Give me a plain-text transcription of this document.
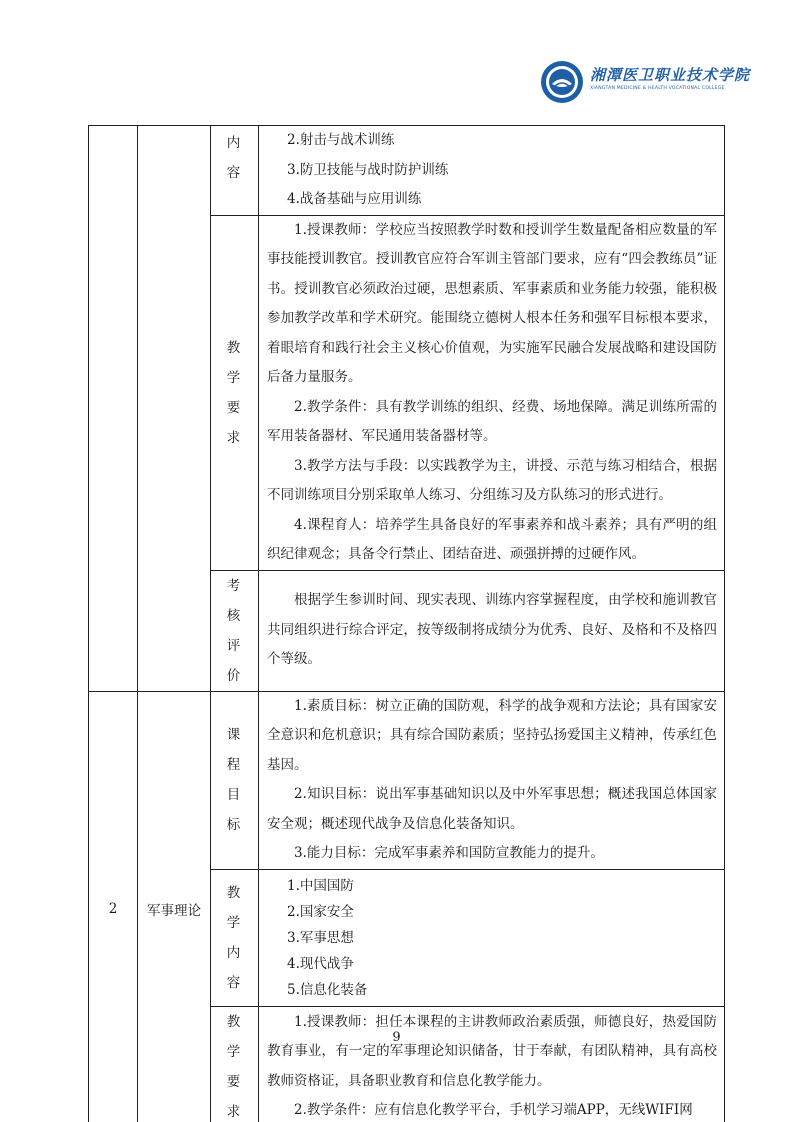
湘潭医卫职业技术学院
XIANGTAN MEDICINE & HEALTH VOCATIONAL COLLEGE

		内容	2.射击与战术训练
3.防卫技能与战时防护训练
4.战备基础与应用训练

		教学要求	1.授课教师：学校应当按照教学时数和授训学生数量配备相应数量的军事技能授训教官。授训教官应符合军训主管部门要求，应有“四会教练员”证书。授训教官必须政治过硬，思想素质、军事素质和业务能力较强，能积极参加教学改革和学术研究。能围绕立德树人根本任务和强军目标根本要求，着眼培育和践行社会主义核心价值观，为实施军民融合发展战略和建设国防后备力量服务。

2.教学条件：具有教学训练的组织、经费、场地保障。满足训练所需的军用装备器材、军民通用装备器材等。

3.教学方法与手段：以实践教学为主，讲授、示范与练习相结合，根据不同训练项目分别采取单人练习、分组练习及方队练习的形式进行。

4.课程育人：培养学生具备良好的军事素养和战斗素养；具有严明的组织纪律观念；具备令行禁止、团结奋进、顽强拼搏的过硬作风。

		考核评价	根据学生参训时间、现实表现、训练内容掌握程度，由学校和施训教官共同组织进行综合评定，按等级制将成绩分为优秀、良好、及格和不及格四个等级。

2	军事理论	课程目标	1.素质目标：树立正确的国防观，科学的战争观和方法论；具有国家安全意识和危机意识；具有综合国防素质；坚持弘扬爱国主义精神，传承红色基因。

2.知识目标：说出军事基础知识以及中外军事思想；概述我国总体国家安全观；概述现代战争及信息化装备知识。

3.能力目标：完成军事素养和国防宣教能力的提升。

		教学内容	1.中国国防
2.国家安全
3.军事思想
4.现代战争
5.信息化装备

		教学要求	1.授课教师：担任本课程的主讲教师政治素质强，师德良好，热爱国防教育事业，有一定的军事理论知识储备，甘于奉献，有团队精神，具有高校教师资格证，具备职业教育和信息化教学能力。

2.教学条件：应有信息化教学平台，手机学习端APP，无线WIFI网

9
